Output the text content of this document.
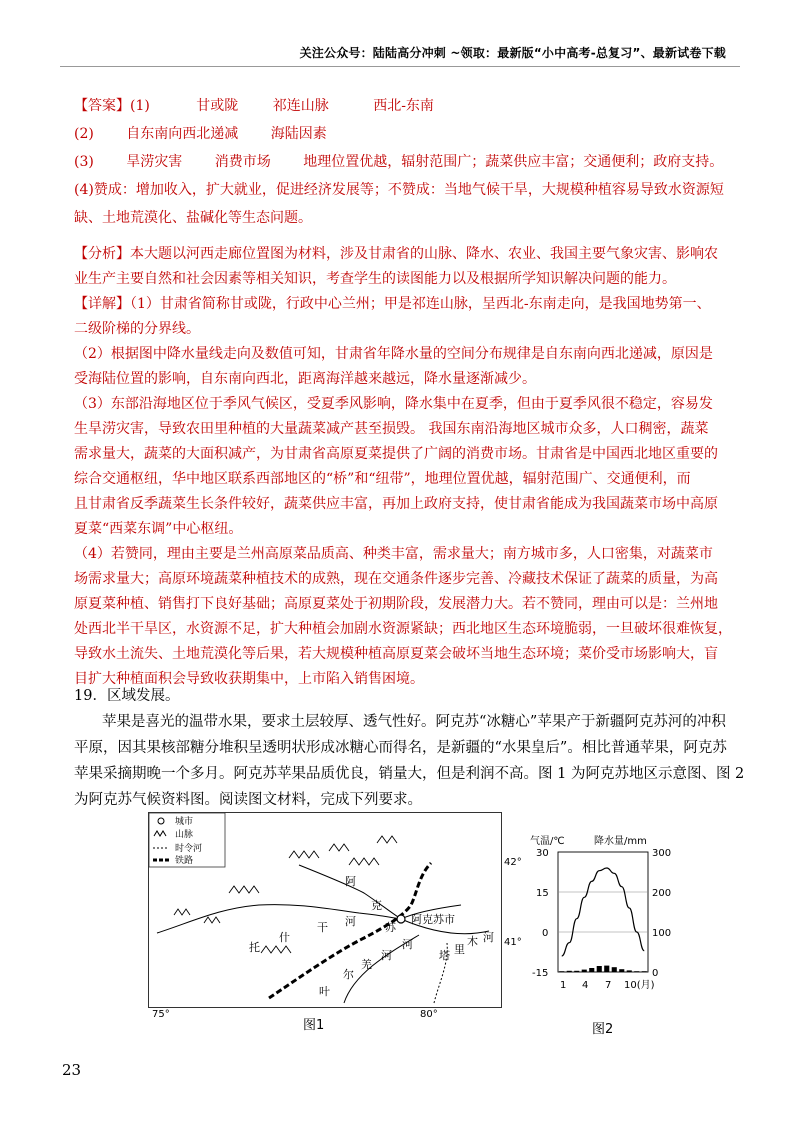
关注公众号：陆陆高分冲刺 ~领取：最新版“小中高考-总复习”、最新试卷下载
【答案】(1)	甘或陇 祁连山脉	西北-东南
(2) 自东南向西北递减 海陆因素
(3) 旱涝灾害 消费市场 地理位置优越，辐射范围广；蔬菜供应丰富；交通便利；政府支持。
(4)赞成：增加收入，扩大就业，促进经济发展等；不赞成：当地气候干旱，大规模种植容易导致水资源短
缺、土地荒漠化、盐碱化等生态问题。
【分析】本大题以河西走廊位置图为材料，涉及甘肃省的山脉、降水、农业、我国主要气象灾害、影响农
业生产主要自然和社会因素等相关知识，考查学生的读图能力以及根据所学知识解决问题的能力。
【详解】（1）甘肃省简称甘或陇，行政中心兰州；甲是祁连山脉，呈西北-东南走向，是我国地势第一、
二级阶梯的分界线。
（2）根据图中降水量线走向及数值可知，甘肃省年降水量的空间分布规律是自东南向西北递减，原因是
受海陆位置的影响，自东南向西北，距离海洋越来越远，降水量逐渐减少。
（3）东部沿海地区位于季风气候区，受夏季风影响，降水集中在夏季，但由于夏季风很不稳定，容易发
生旱涝灾害，导致农田里种植的大量蔬菜减产甚至损毁。 我国东南沿海地区城市众多，人口稠密，蔬菜
需求量大，蔬菜的大面积减产，为甘肃省高原夏菜提供了广阔的消费市场。甘肃省是中国西北地区重要的
综合交通枢纽，华中地区联系西部地区的“桥”和“纽带”，地理位置优越，辐射范围广、交通便利，而
且甘肃省反季蔬菜生长条件较好，蔬菜供应丰富，再加上政府支持，使甘肃省能成为我国蔬菜市场中高原
夏菜“西菜东调”中心枢纽。
（4）若赞同，理由主要是兰州高原菜品质高、种类丰富，需求量大；南方城市多，人口密集，对蔬菜市
场需求量大；高原环境蔬菜种植技术的成熟，现在交通条件逐步完善、冷藏技术保证了蔬菜的质量，为高
原夏菜种植、销售打下良好基础；高原夏菜处于初期阶段，发展潜力大。若不赞同，理由可以是：兰州地
处西北半干旱区，水资源不足，扩大种植会加剧水资源紧缺；西北地区生态环境脆弱，一旦破坏很难恢复，
导致水土流失、土地荒漠化等后果，若大规模种植高原夏菜会破坏当地生态环境；菜价受市场影响大，盲
目扩大种植面积会导致收获期集中，上市陷入销售困境。
19．区域发展。
苹果是喜光的温带水果，要求土层较厚、透气性好。阿克苏“冰糖心”苹果产于新疆阿克苏河的冲积
平原，因其果核部糖分堆积呈透明状形成冰糖心而得名，是新疆的“水果皇后”。相比普通苹果，阿克苏
苹果采摘期晚一个多月。阿克苏苹果品质优良，销量大，但是利润不高。图 1 为阿克苏地区示意图、图 2
为阿克苏气候资料图。阅读图文材料，完成下列要求。
城市
山脉
时令河
铁路
阿克苏市
托
什
干 河
阿
克
苏
河
塔 里
木 河
叶
尔
羌
河
42°
41°
75°	80°
图1
气温/℃	降水量/mm
30
15
0
-15
300
200
100
0
1 4 7 10(月)
图2
23
